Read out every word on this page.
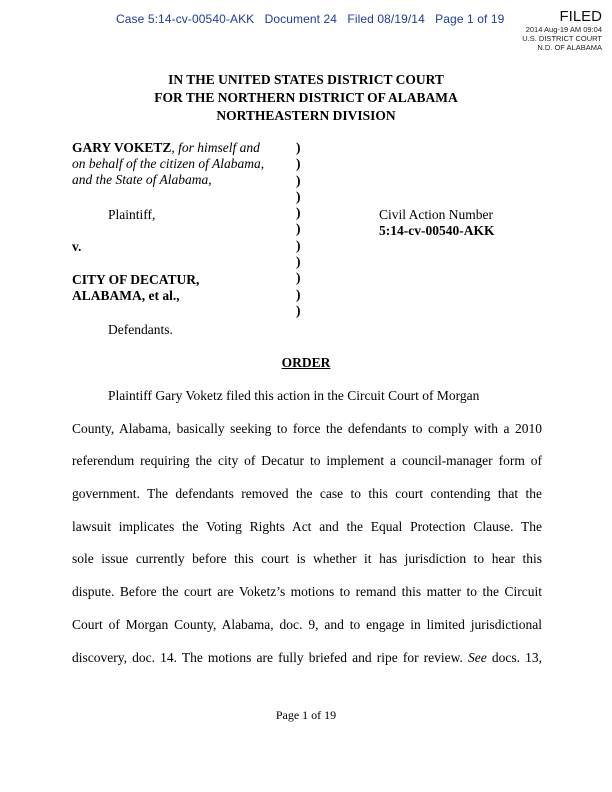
Case 5:14-cv-00540-AKK Document 24 Filed 08/19/14 Page 1 of 19	FILED
2014 Aug-19 AM 09:04
U.S. DISTRICT COURT
N.D. OF ALABAMA
IN THE UNITED STATES DISTRICT COURT
FOR THE NORTHERN DISTRICT OF ALABAMA
NORTHEASTERN DIVISION
GARY VOKETZ, for himself and
on behalf of the citizen of Alabama,
and the State of Alabama,
Plaintiff,
v.
CITY OF DECATUR,
ALABAMA, et al.,
Defendants.
)
)
)
)
)
)
)
)
)
)
)
Civil Action Number
5:14-cv-00540-AKK
ORDER
Plaintiff Gary Voketz filed this action in the Circuit Court of Morgan
County, Alabama, basically seeking to force the defendants to comply with a 2010
referendum requiring the city of Decatur to implement a council-manager form of
government. The defendants removed the case to this court contending that the
lawsuit implicates the Voting Rights Act and the Equal Protection Clause. The
sole issue currently before this court is whether it has jurisdiction to hear this
dispute. Before the court are Voketz’s motions to remand this matter to the Circuit
Court of Morgan County, Alabama, doc. 9, and to engage in limited jurisdictional
discovery, doc. 14. The motions are fully briefed and ripe for review. See docs. 13,
Page 1 of 19
